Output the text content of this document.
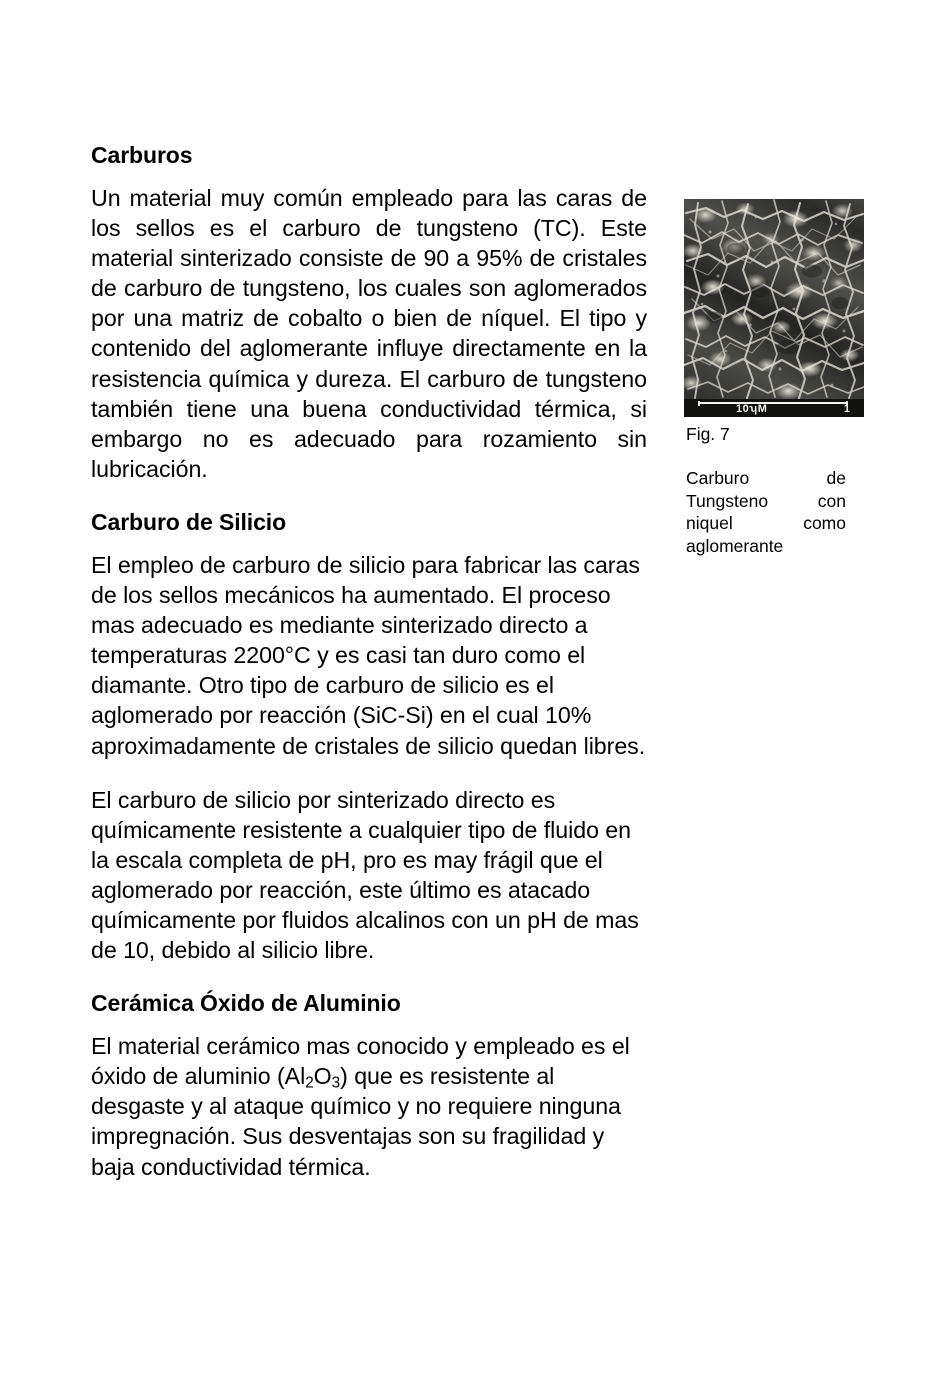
Carburos

Un material muy común empleado para las caras de los sellos es el carburo de tungsteno (TC). Este material sinterizado consiste de 90 a 95% de cristales de carburo de tungsteno, los cuales son aglomerados por una matriz de cobalto o bien de níquel. El tipo y contenido del aglomerante influye directamente en la resistencia química y dureza. El carburo de tungsteno también tiene una buena conductividad térmica, si embargo no es adecuado para rozamiento sin lubricación.

Carburo de Silicio

El empleo de carburo de silicio para fabricar las caras de los sellos mecánicos ha aumentado. El proceso mas adecuado es mediante sinterizado directo a temperaturas 2200°C y es casi tan duro como el diamante. Otro tipo de carburo de silicio es el aglomerado por reacción (SiC-Si) en el cual 10% aproximadamente de cristales de silicio quedan libres.

El carburo de silicio por sinterizado directo es químicamente resistente a cualquier tipo de fluido en la escala completa de pH, pro es may frágil que el aglomerado por reacción, este último es atacado químicamente por fluidos alcalinos con un pH de mas de 10, debido al silicio libre.

Cerámica Óxido de Aluminio

El material cerámico mas conocido y empleado es el óxido de aluminio $(Al_2O_3)$ que es resistente al desgaste y al ataque químico y no requiere ninguna impregnación. Sus desventajas son su fragilidad y baja conductividad térmica.

10ʮM	1
Fig. 7
Carburo de Tungsteno con niquel como aglomerante
